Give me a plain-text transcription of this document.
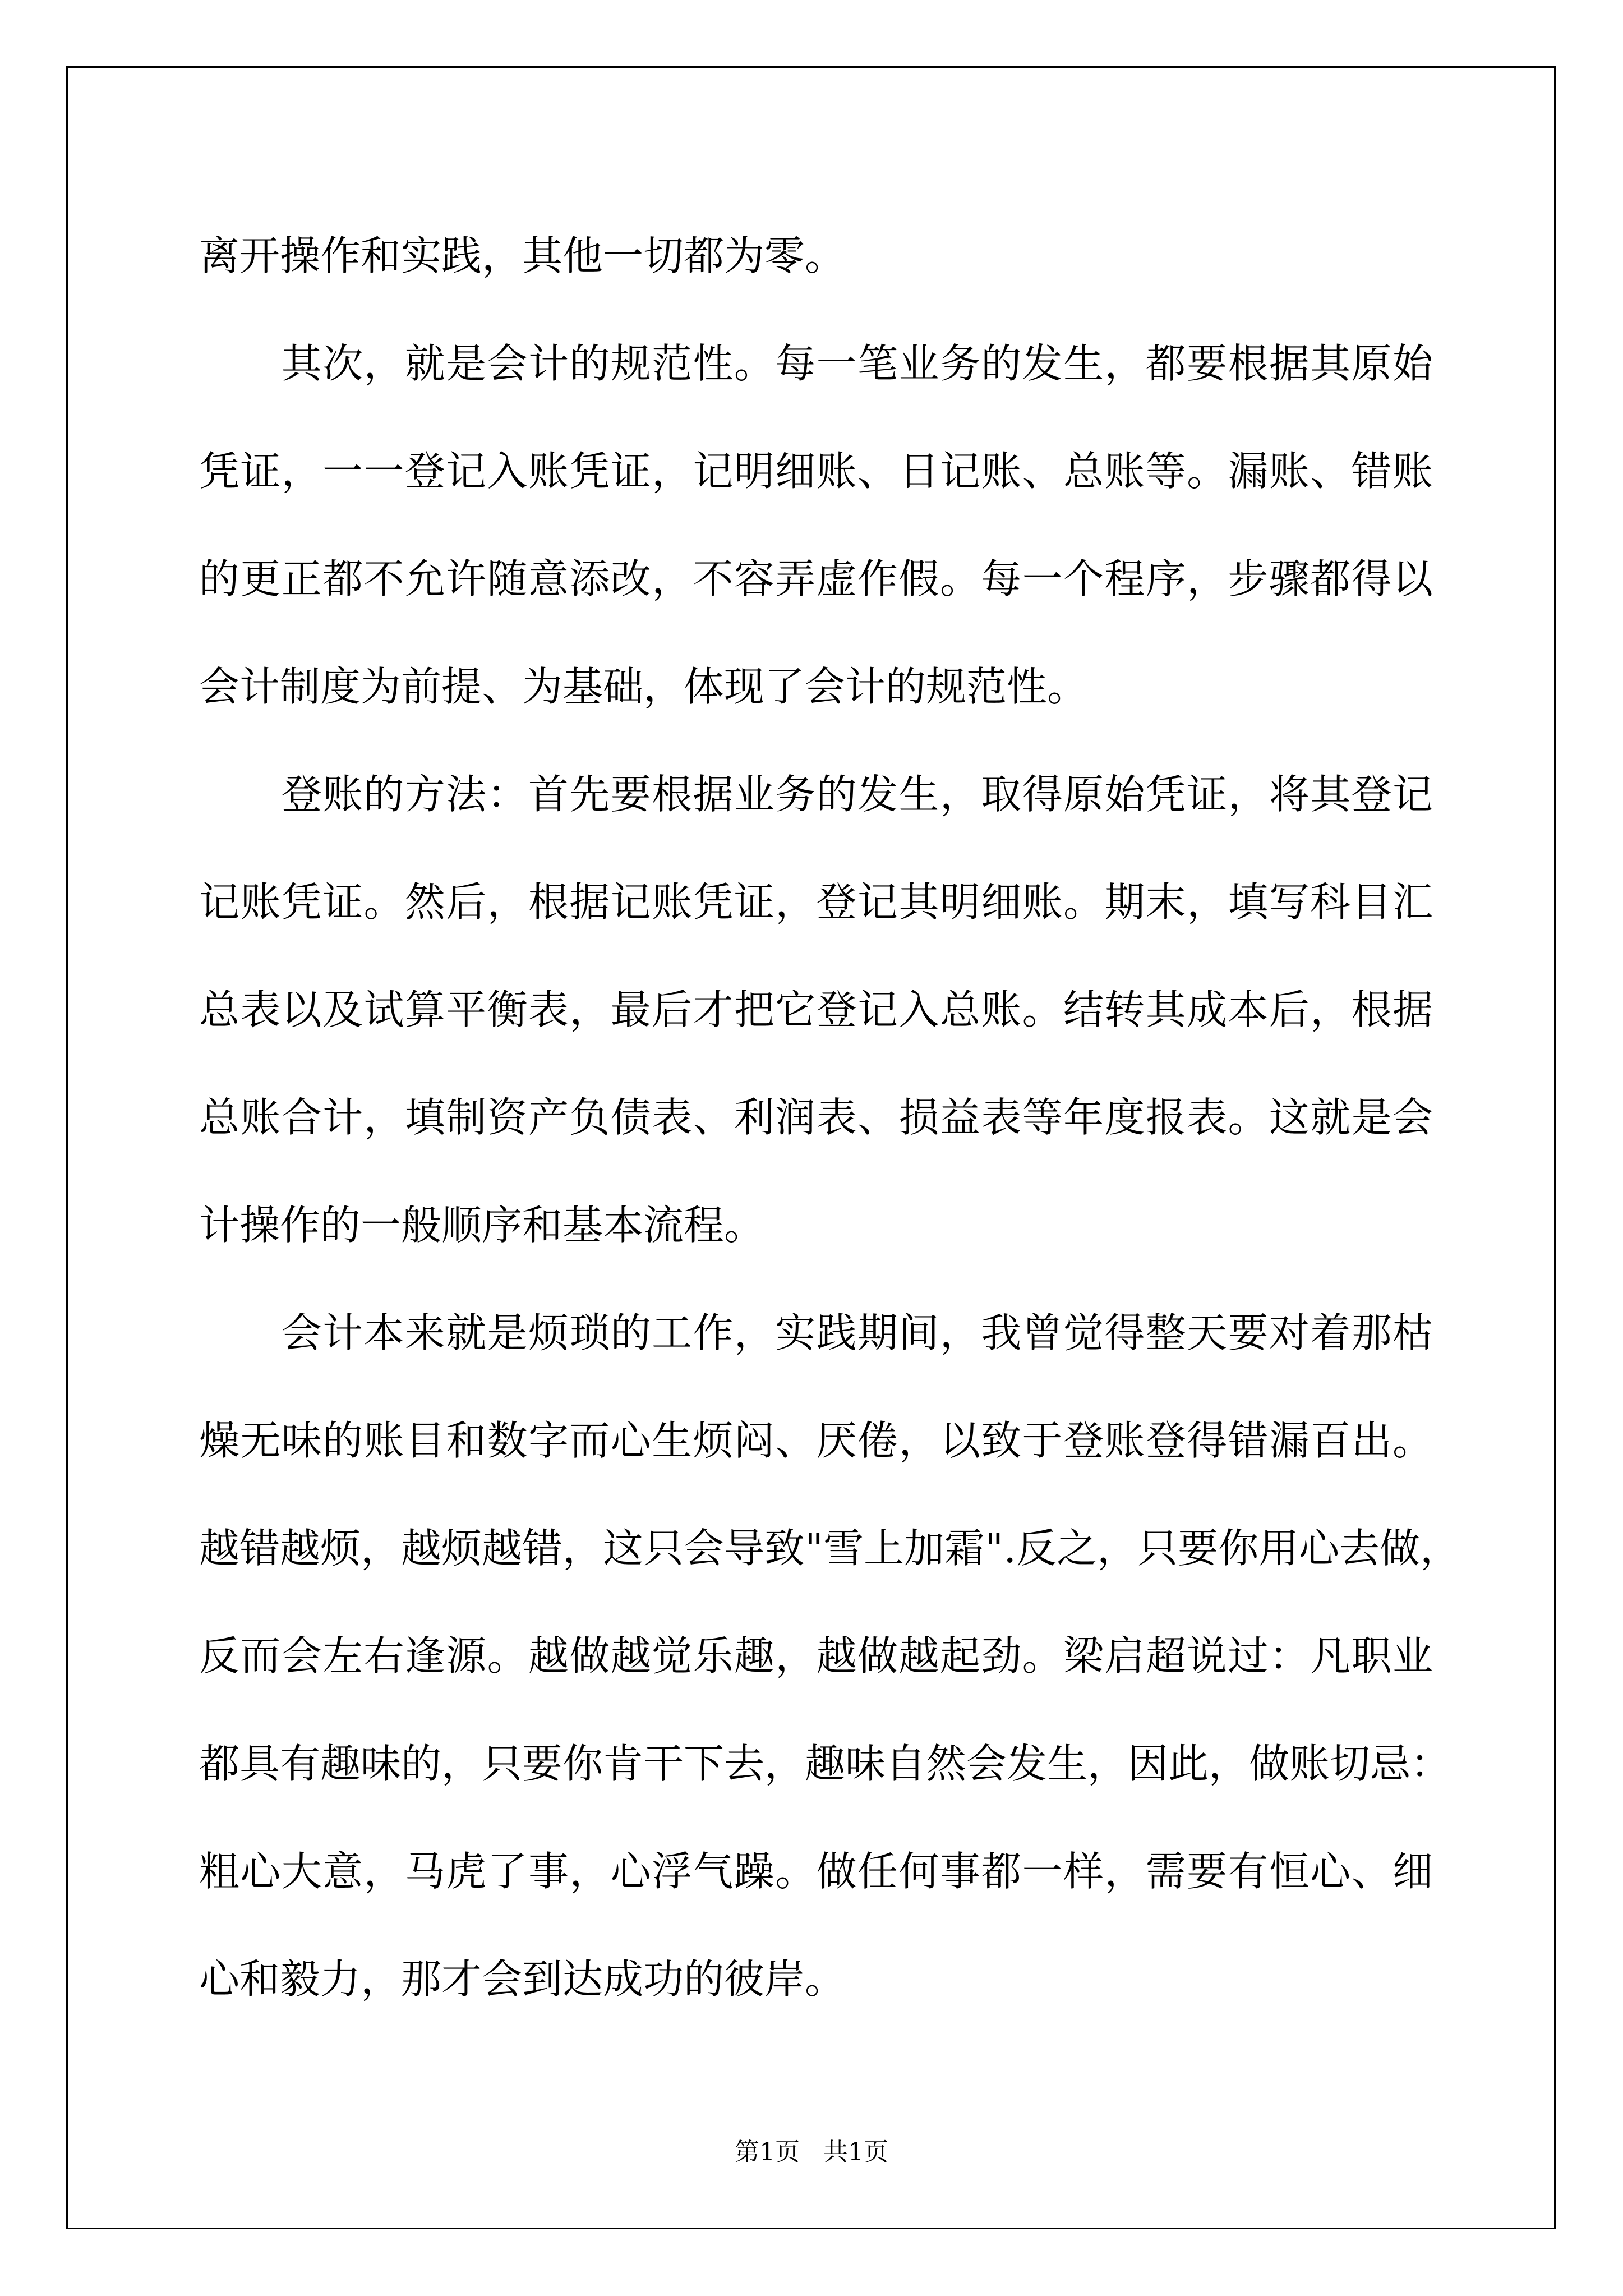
离开操作和实践，其他一切都为零。
　　其次，就是会计的规范性。每一笔业务的发生，都要根据其原始
凭证，一一登记入账凭证，记明细账、日记账、总账等。漏账、错账
的更正都不允许随意添改，不容弄虚作假。每一个程序，步骤都得以
会计制度为前提、为基础，体现了会计的规范性。
　　登账的方法：首先要根据业务的发生，取得原始凭证，将其登记
记账凭证。然后，根据记账凭证，登记其明细账。期末，填写科目汇
总表以及试算平衡表，最后才把它登记入总账。结转其成本后，根据
总账合计，填制资产负债表、利润表、损益表等年度报表。这就是会
计操作的一般顺序和基本流程。
　　会计本来就是烦琐的工作，实践期间，我曾觉得整天要对着那枯
燥无味的账目和数字而心生烦闷、厌倦，以致于登账登得错漏百出。
越错越烦，越烦越错，这只会导致"雪上加霜".反之，只要你用心去做，
反而会左右逢源。越做越觉乐趣，越做越起劲。梁启超说过：凡职业
都具有趣味的，只要你肯干下去，趣味自然会发生，因此，做账切忌：
粗心大意，马虎了事，心浮气躁。做任何事都一样，需要有恒心、细
心和毅力，那才会到达成功的彼岸。
第1页 共1页
